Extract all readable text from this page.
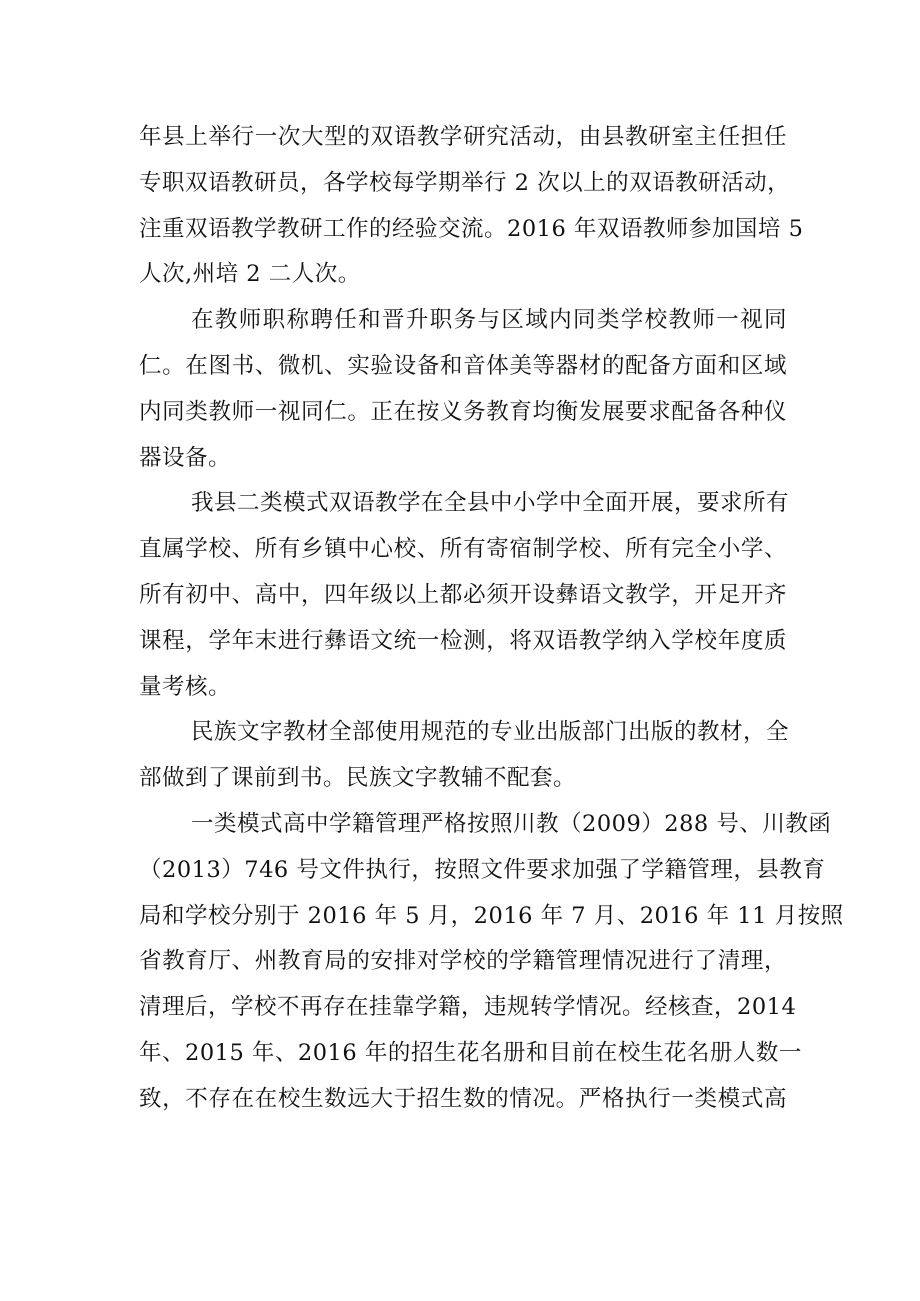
年县上举行一次大型的双语教学研究活动，由县教研室主任担任
专职双语教研员，各学校每学期举行 2 次以上的双语教研活动，
注重双语教学教研工作的经验交流。2016 年双语教师参加国培 5
人次,州培 2 二人次。
在教师职称聘任和晋升职务与区域内同类学校教师一视同
仁。在图书、微机、实验设备和音体美等器材的配备方面和区域
内同类教师一视同仁。正在按义务教育均衡发展要求配备各种仪
器设备。
我县二类模式双语教学在全县中小学中全面开展，要求所有
直属学校、所有乡镇中心校、所有寄宿制学校、所有完全小学、
所有初中、高中，四年级以上都必须开设彝语文教学，开足开齐
课程，学年末进行彝语文统一检测，将双语教学纳入学校年度质
量考核。
民族文字教材全部使用规范的专业出版部门出版的教材，全
部做到了课前到书。民族文字教辅不配套。
一类模式高中学籍管理严格按照川教（2009）288 号、川教函
（2013）746 号文件执行，按照文件要求加强了学籍管理，县教育
局和学校分别于 2016 年 5 月，2016 年 7 月、2016 年 11 月按照
省教育厅、州教育局的安排对学校的学籍管理情况进行了清理，
清理后，学校不再存在挂靠学籍，违规转学情况。经核查，2014
年、2015 年、2016 年的招生花名册和目前在校生花名册人数一
致，不存在在校生数远大于招生数的情况。严格执行一类模式高
